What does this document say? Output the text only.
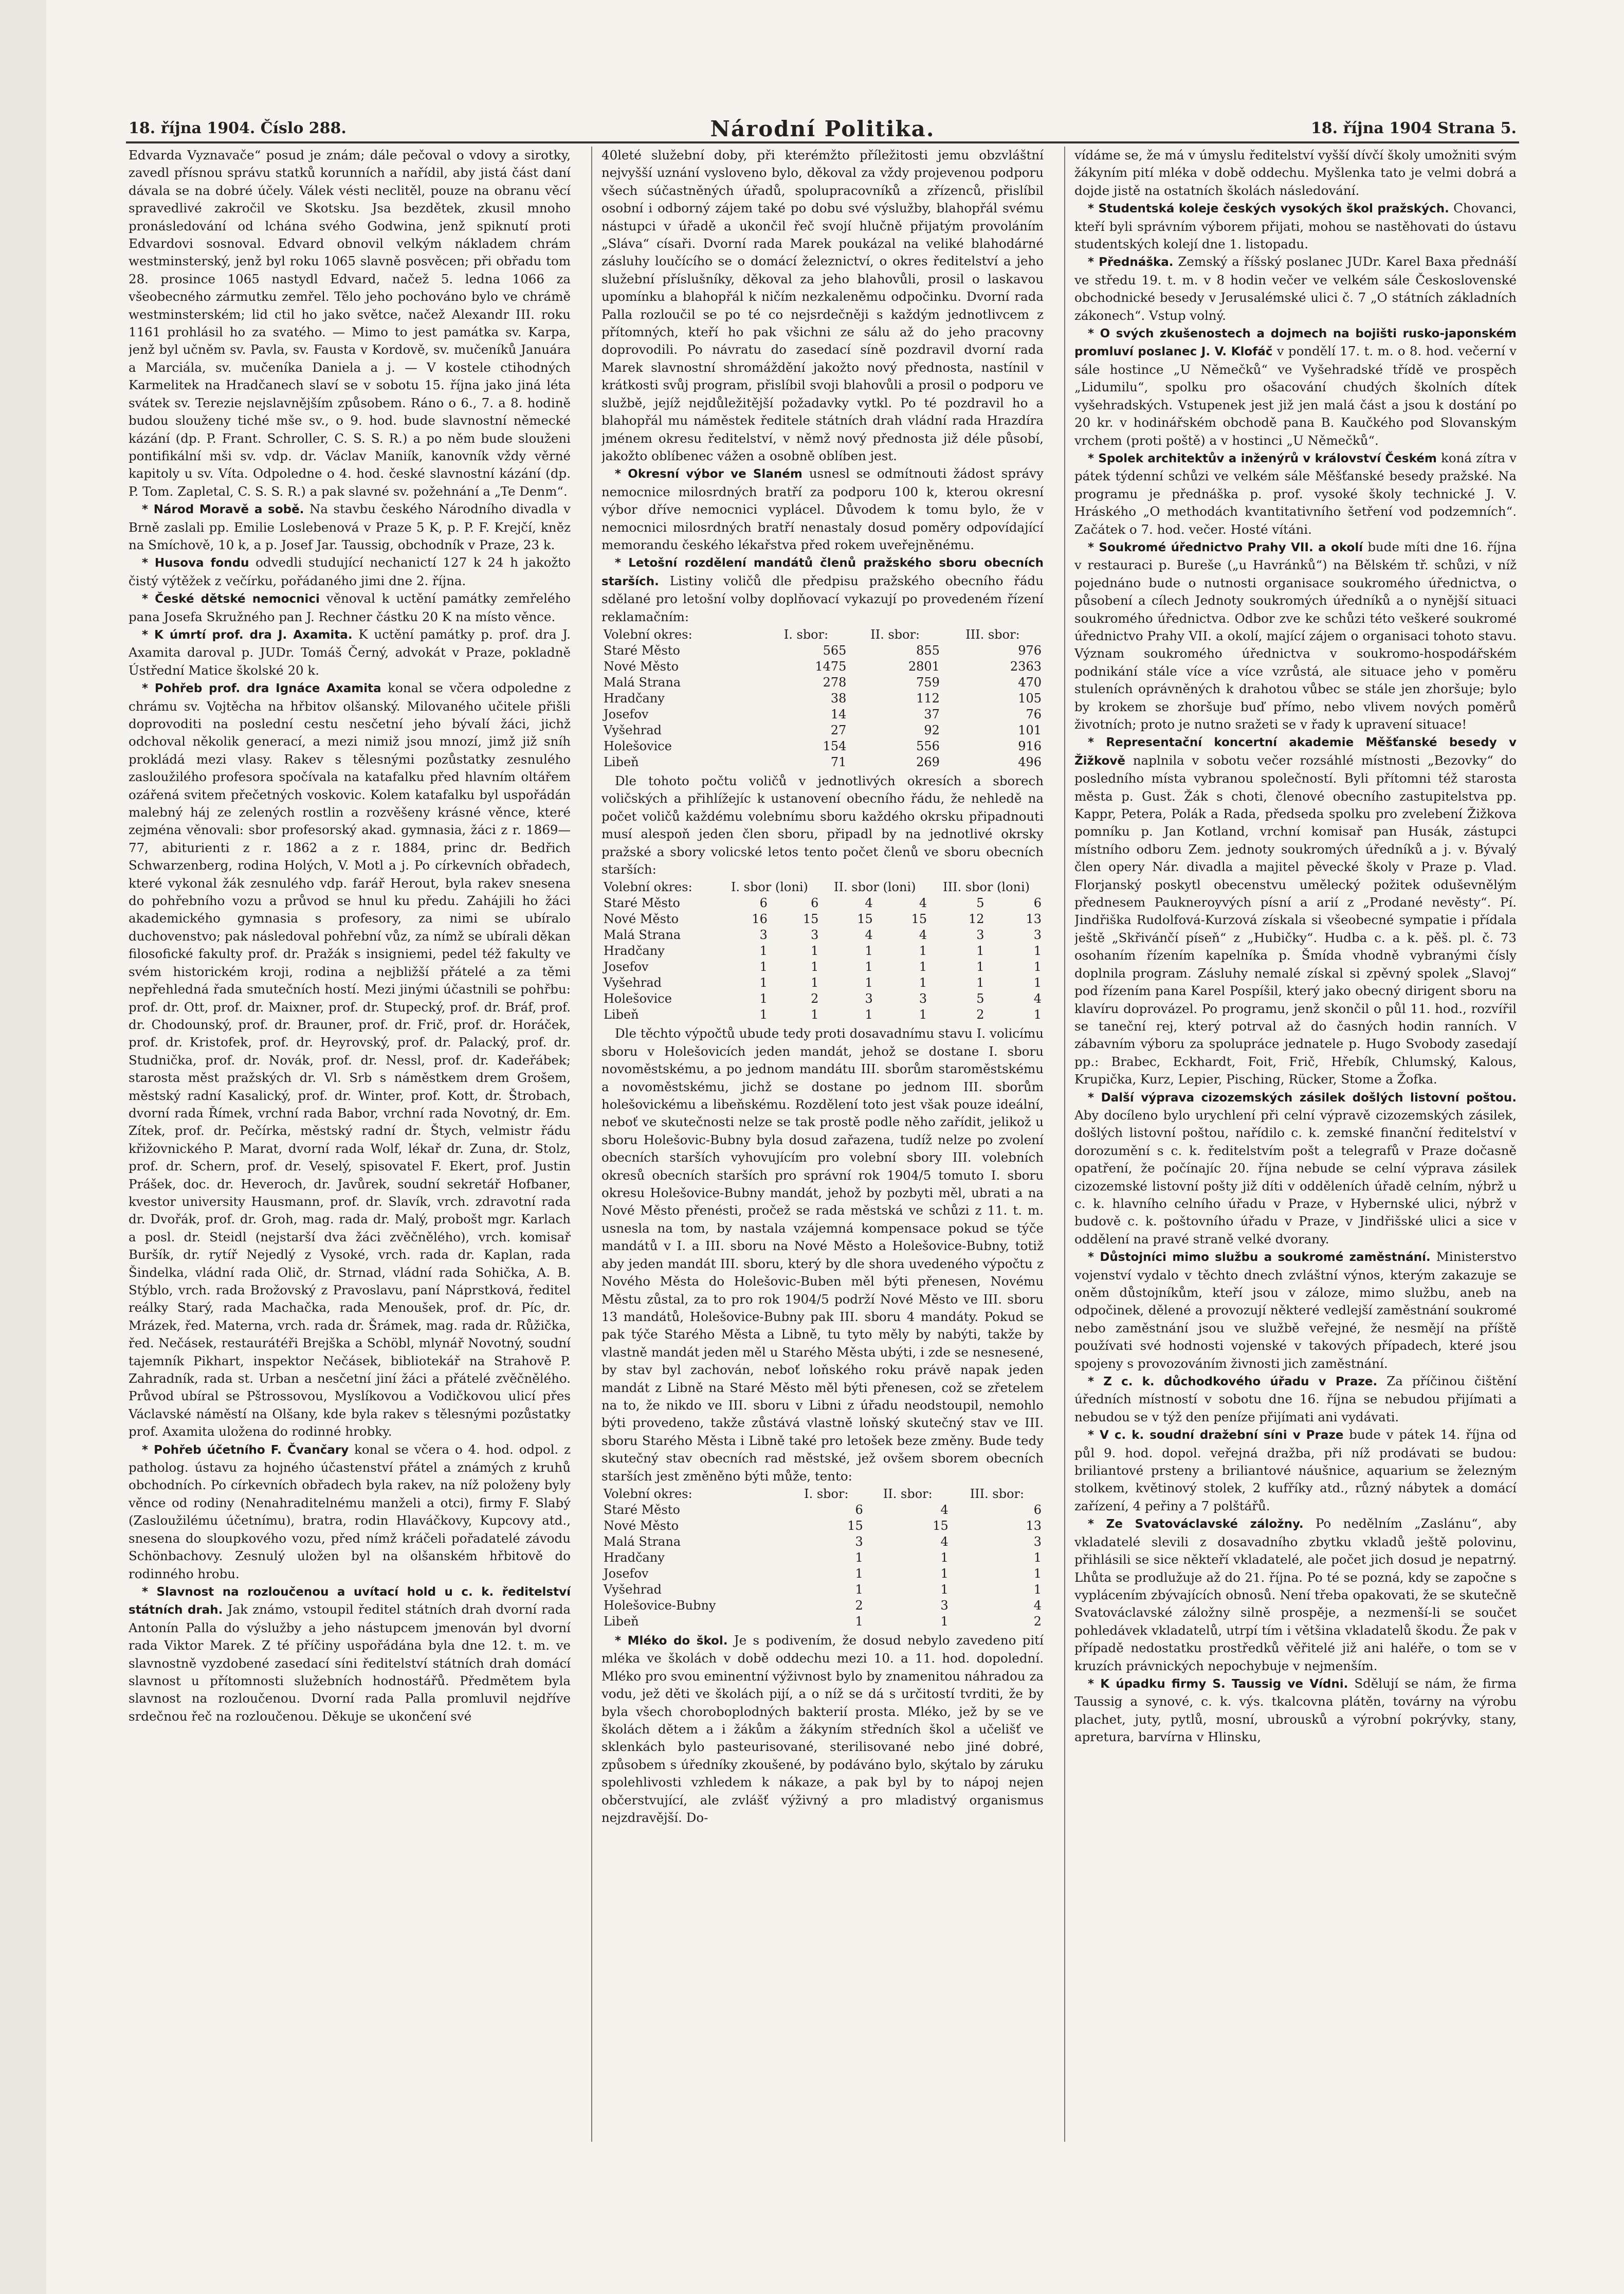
18. října 1904. Číslo 288.	Národní Politika.	18. října 1904 Strana 5.

Edvarda Vyznavače“ posud je znám; dále pečoval o vdovy a sirotky, zavedl přísnou správu statků korunních a nařídil, aby jistá část daní dávala se na dobré účely. Válek vésti neclitěl, pouze na obranu věcí spravedlivé zakročil ve Skotsku. Jsa bezdětek, zkusil mnoho pronásledování od lchána svého Godwina, jenž spiknutí proti Edvardovi sosnoval. Edvard obnovil velkým nákladem chrám westminsterský, jenž byl roku 1065 slavně posvěcen; při obřadu tom 28. prosince 1065 nastydl Edvard, načež 5. ledna 1066 za všeobecného zármutku zemřel. Tělo jeho pochováno bylo ve chrámě westminsterském; lid ctil ho jako světce, načež Alexandr III. roku 1161 prohlásil ho za svatého. — Mimo to jest památka sv. Karpa, jenž byl učněm sv. Pavla, sv. Fausta v Kordově, sv. mučeníků Januára a Marciála, sv. mučeníka Daniela a j. — V kostele ctihodných Karmelitek na Hradčanech slaví se v sobotu 15. října jako jiná léta svátek sv. Terezie nejslavnějším způsobem. Ráno o 6., 7. a 8. hodině budou slouženy tiché mše sv., o 9. hod. bude slavnostní německé kázání (dp. P. Frant. Schroller, C. S. S. R.) a po něm bude slouženi pontifikální mši sv. vdp. dr. Václav Maniík, kanovník vždy věrné kapitoly u sv. Víta. Odpoledne o 4. hod. české slavnostní kázání (dp. P. Tom. Zapletal, C. S. S. R.) a pak slavné sv. požehnání a „Te Denm“.

* Národ Moravě a sobě. Na stavbu českého Národního divadla v Brně zaslali pp. Emilie Loslebenová v Praze 5 K, p. P. F. Krejčí, kněz na Smíchově, 10 k, a p. Josef Jar. Taussig, obchodník v Praze, 23 k.

* Husova fondu odvedli studující nechanictí 127 k 24 h jakožto čistý výtěžek z večírku, pořádaného jimi dne 2. října.

* České dětské nemocnici věnoval k uctění památky zemřelého pana Josefa Skružného pan J. Rechner částku 20 K na místo věnce.

* K úmrtí prof. dra J. Axamita. K uctění památky p. prof. dra J. Axamita daroval p. JUDr. Tomáš Černý, advokát v Praze, pokladně Ústřední Matice školské 20 k.

* Pohřeb prof. dra Ignáce Axamita konal se včera odpoledne z chrámu sv. Vojtěcha na hřbitov olšanský. Milovaného učitele přišli doprovoditi na poslední cestu nesčetní jeho bývalí žáci, jichž odchoval několik generací, a mezi nimiž jsou mnozí, jimž již sníh prokládá mezi vlasy. Rakev s tělesnými pozůstatky zesnulého zasloužilého profesora spočívala na katafalku před hlavním oltářem ozářená svitem přečetných voskovic. Kolem katafalku byl uspořádán malebný háj ze zelených rostlin a rozvěšeny krásné věnce, které zejména věnovali: sbor profesorský akad. gymnasia, žáci z r. 1869—77, abiturienti z r. 1862 a z r. 1884, princ dr. Bedřich Schwarzenberg, rodina Holých, V. Motl a j. Po církevních obřadech, které vykonal žák zesnulého vdp. farář Herout, byla rakev snesena do pohřebního vozu a průvod se hnul ku předu. Zahájili ho žáci akademického gymnasia s profesory, za nimi se ubíralo duchovenstvo; pak následoval pohřební vůz, za nímž se ubírali děkan filosofické fakulty prof. dr. Pražák s insigniemi, pedel též fakulty ve svém historickém kroji, rodina a nejbližší přátelé a za těmi nepřehledná řada smutečních hostí. Mezi jinými účastnili se pohřbu: prof. dr. Ott, prof. dr. Maixner, prof. dr. Stupecký, prof. dr. Bráf, prof. dr. Chodounský, prof. dr. Brauner, prof. dr. Frič, prof. dr. Horáček, prof. dr. Kristofek, prof. dr. Heyrovský, prof. dr. Palacký, prof. dr. Studnička, prof. dr. Novák, prof. dr. Nessl, prof. dr. Kadeřábek; starosta měst pražských dr. Vl. Srb s náměstkem drem Grošem, městský radní Kasalický, prof. dr. Winter, prof. Kott, dr. Štrobach, dvorní rada Římek, vrchní rada Babor, vrchní rada Novotný, dr. Em. Zítek, prof. dr. Pečírka, městský radní dr. Štych, velmistr řádu křižovnického P. Marat, dvorní rada Wolf, lékař dr. Zuna, dr. Stolz, prof. dr. Schern, prof. dr. Veselý, spisovatel F. Ekert, prof. Justin Prášek, doc. dr. Heveroch, dr. Javůrek, soudní sekretář Hofbaner, kvestor university Hausmann, prof. dr. Slavík, vrch. zdravotní rada dr. Dvořák, prof. dr. Groh, mag. rada dr. Malý, probošt mgr. Karlach a posl. dr. Steidl (nejstarší dva žáci zvěčnělého), vrch. komisař Buršík, dr. rytíř Nejedlý z Vysoké, vrch. rada dr. Kaplan, rada Šindelka, vládní rada Olič, dr. Strnad, vládní rada Sohička, A. B. Stýblo, vrch. rada Brožovský z Pravoslavu, paní Náprstková, ředitel reálky Starý, rada Machačka, rada Menoušek, prof. dr. Píc, dr. Mrázek, řed. Materna, vrch. rada dr. Šrámek, mag. rada dr. Růžička, řed. Nečásek, restaurátéři Brejška a Schöbl, mlynář Novotný, soudní tajemník Pikhart, inspektor Nečásek, bibliotekář na Strahově P. Zahradník, rada st. Urban a nesčetní jiní žáci a přátelé zvěčnělého. Průvod ubíral se Pštrossovou, Myslíkovou a Vodičkovou ulicí přes Václavské náměstí na Olšany, kde byla rakev s tělesnými pozůstatky prof. Axamita uložena do rodinné hrobky.

* Pohřeb účetního F. Čvančary konal se včera o 4. hod. odpol. z patholog. ústavu za hojného účastenství přátel a známých z kruhů obchodních. Po církevních obřadech byla rakev, na níž položeny byly věnce od rodiny (Nenahraditelnému manželi a otci), firmy F. Slabý (Zasloužilému účetnímu), bratra, rodin Hlaváčkovy, Kupcovy atd., snesena do sloupkového vozu, před nímž kráčeli pořadatelé závodu Schönbachovy. Zesnulý uložen byl na olšanském hřbitově do rodinného hrobu.

* Slavnost na rozloučenou a uvítací hold u c. k. ředitelství státních drah. Jak známo, vstoupil ředitel státních drah dvorní rada Antonín Palla do výslužby a jeho nástupcem jmenován byl dvorní rada Viktor Marek. Z té příčiny uspořádána byla dne 12. t. m. ve slavnostně vyzdobené zasedací síni ředitelství státních drah domácí slavnost u přítomnosti služebních hodnostářů. Předmětem byla slavnost na rozloučenou. Dvorní rada Palla promluvil nejdříve srdečnou řeč na rozloučenou. Děkuje se ukončení své

40leté služební doby, při kterémžto příležitosti jemu obzvláštní nejvyšší uznání vysloveno bylo, děkoval za vždy projevenou podporu všech súčastněných úřadů, spolupracovníků a zřízenců, přislíbil osobní i odborný zájem také po dobu své výslužby, blahopřál svému nástupci v úřadě a ukončil řeč svojí hlučně přijatým provoláním „Sláva“ císaři. Dvorní rada Marek poukázal na veliké blahodárné zásluhy loučícího se o domácí železnictví, o okres ředitelství a jeho služební příslušníky, děkoval za jeho blahovůli, prosil o laskavou upomínku a blahopřál k ničím nezkaleněmu odpočinku. Dvorní rada Palla rozloučil se po té co nejsrdečněji s každým jednotlivcem z přítomných, kteří ho pak všichni ze sálu až do jeho pracovny doprovodili. Po návratu do zasedací síně pozdravil dvorní rada Marek slavnostní shromáždění jakožto nový přednosta, nastínil v krátkosti svůj program, přislíbil svoji blahovůli a prosil o podporu ve službě, jejíž nejdůležitější požadavky vytkl. Po té pozdravil ho a blahopřál mu náměstek ředitele státních drah vládní rada Hrazdíra jménem okresu ředitelství, v němž nový přednosta již déle působí, jakožto oblíbenec vážen a osobně oblíben jest.

* Okresní výbor ve Slaném usnesl se odmítnouti žádost správy nemocnice milosrdných bratří za podporu 100 k, kterou okresní výbor dříve nemocnici vyplácel. Důvodem k tomu bylo, že v nemocnici milosrdných bratří nenastaly dosud poměry odpovídající memorandu českého lékařstva před rokem uveřejněnému.

* Letošní rozdělení mandátů členů pražského sboru obecních starších. Listiny voličů dle předpisu pražského obecního řádu sdělané pro letošní volby doplňovací vykazují po provedeném řízení reklamačním:

Volební okres:	I. sbor:	II. sbor:	III. sbor:
Staré Město	565	855	976
Nové Město	1475	2801	2363
Malá Strana	278	759	470
Hradčany	38	112	105
Josefov	14	37	76
Vyšehrad	27	92	101
Holešovice	154	556	916
Libeň	71	269	496

Dle tohoto počtu voličů v jednotlivých okresích a sborech voličských a přihlížejíc k ustanovení obecního řádu, že nehledě na počet voličů každému volebnímu sboru každého okrsku připadnouti musí alespoň jeden člen sboru, připadl by na jednotlivé okrsky pražské a sbory volicské letos tento počet členů ve sboru obecních starších:

Volební okres:	I. sbor (loni)		II. sbor (loni)		III. sbor (loni)	
Staré Město	6	6	4	4	5	6
Nové Město	16	15	15	15	12	13
Malá Strana	3	3	4	4	3	3
Hradčany	1	1	1	1	1	1
Josefov	1	1	1	1	1	1
Vyšehrad	1	1	1	1	1	1
Holešovice	1	2	3	3	5	4
Libeň	1	1	1	1	2	1

Dle těchto výpočtů ubude tedy proti dosavadnímu stavu I. volicímu sboru v Holešovicích jeden mandát, jehož se dostane I. sboru novoměstskému, a po jednom mandátu III. sborům staroměstskému a novoměstskému, jichž se dostane po jednom III. sborům holešovickému a libeňskému. Rozdělení toto jest však pouze ideální, neboť ve skutečnosti nelze se tak prostě podle něho zařídit, jelikož u sboru Holešovic-Bubny byla dosud zařazena, tudíž nelze po zvolení obecních starších vyhovujícím pro volební sbory III. volebních okresů obecních starších pro správní rok 1904/5 tomuto I. sboru okresu Holešovice-Bubny mandát, jehož by pozbyti měl, ubrati a na Nové Město přenésti, pročež se rada městská ve schůzi z 11. t. m. usnesla na tom, by nastala vzájemná kompensace pokud se týče mandátů v I. a III. sboru na Nové Město a Holešovice-Bubny, totiž aby jeden mandát III. sboru, který by dle shora uvedeného výpočtu z Nového Města do Holešovic-Buben měl býti přenesen, Novému Městu zůstal, za to pro rok 1904/5 podrží Nové Město ve III. sboru 13 mandátů, Holešovice-Bubny pak III. sboru 4 mandáty. Pokud se pak týče Starého Města a Libně, tu tyto měly by nabýti, takže by vlastně mandát jeden měl u Starého Města ubýti, i zde se nesnesené, by stav byl zachován, neboť loňského roku právě napak jeden mandát z Libně na Staré Město měl býti přenesen, což se zřetelem na to, že nikdo ve III. sboru v Libni z úřadu neodstoupil, nemohlo býti provedeno, takže zůstává vlastně loňský skutečný stav ve III. sboru Starého Města i Libně také pro letošek beze změny. Bude tedy skutečný stav obecních rad městské, jež ovšem sborem obecních starších jest změněno býti může, tento:

Volební okres:	I. sbor:	II. sbor:	III. sbor:
Staré Město	6	4	6
Nové Město	15	15	13
Malá Strana	3	4	3
Hradčany	1	1	1
Josefov	1	1	1
Vyšehrad	1	1	1
Holešovice-Bubny	2	3	4
Libeň	1	1	2

* Mléko do škol. Je s podivením, že dosud nebylo zavedeno pití mléka ve školách v době oddechu mezi 10. a 11. hod. dopolední. Mléko pro svou eminentní výživnost bylo by znamenitou náhradou za vodu, jež děti ve školách pijí, a o níž se dá s určitostí tvrditi, že by byla všech choroboplodných bakterií prosta. Mléko, jež by se ve školách dětem a i žákům a žákyním středních škol a učelišť ve sklenkách bylo pasteurisované, sterilisované nebo jiné dobré, způsobem s úředníky zkoušené, by podáváno bylo, skýtalo by záruku spolehlivosti vzhledem k nákaze, a pak byl by to nápoj nejen občerstvující, ale zvlášť výživný a pro mladistvý organismus nejzdravější. Do-

vídáme se, že má v úmyslu ředitelství vyšší dívčí školy umožniti svým žákyním pití mléka v době oddechu. Myšlenka tato je velmi dobrá a dojde jistě na ostatních školách následování.

* Studentská koleje českých vysokých škol pražských. Chovanci, kteří byli správním výborem přijati, mohou se nastěhovati do ústavu studentských kolejí dne 1. listopadu.

* Přednáška. Zemský a říšský poslanec JUDr. Karel Baxa přednáší ve středu 19. t. m. v 8 hodin večer ve velkém sále Československé obchodnické besedy v Jerusalémské ulici č. 7 „O státních základních zákonech“. Vstup volný.

* O svých zkušenostech a dojmech na bojišti rusko-japonském promluví poslanec J. V. Klofáč v pondělí 17. t. m. o 8. hod. večerní v sále hostince „U Němečků“ ve Vyšehradské třídě ve prospěch „Lidumilu“, spolku pro ošacování chudých školních dítek vyšehradských. Vstupenek jest již jen malá část a jsou k dostání po 20 kr. v hodinářském obchodě pana B. Kaučkého pod Slovanským vrchem (proti poště) a v hostinci „U Němečků“.

* Spolek architektův a inženýrů v království Českém koná zítra v pátek týdenní schůzi ve velkém sále Měšťanské besedy pražské. Na programu je přednáška p. prof. vysoké školy technické J. V. Hráského „O methodách kvantitativního šetření vod podzemních“. Začátek o 7. hod. večer. Hosté vítáni.

* Soukromé úřednictvo Prahy VII. a okolí bude míti dne 16. října v restauraci p. Bureše („u Havránků“) na Bělském tř. schůzi, v níž pojednáno bude o nutnosti organisace soukromého úřednictva, o působení a cílech Jednoty soukromých úředníků a o nynější situaci soukromého úřednictva. Odbor zve ke schůzi této veškeré soukromé úřednictvo Prahy VII. a okolí, mající zájem o organisaci tohoto stavu. Význam soukromého úřednictva v soukromo-hospodářském podnikání stále více a více vzrůstá, ale situace jeho v poměru stuleních oprávněných k drahotou vůbec se stále jen zhoršuje; bylo by krokem se zhoršuje buď přímo, nebo vlivem nových poměrů životních; proto je nutno sražeti se v řady k upravení situace!

* Representační koncertní akademie Měšťanské besedy v Žižkově naplnila v sobotu večer rozsáhlé místnosti „Bezovky“ do posledního místa vybranou společností. Byli přítomni též starosta města p. Gust. Žák s choti, členové obecního zastupitelstva pp. Kappr, Petera, Polák a Rada, předseda spolku pro zvelebení Žižkova pomníku p. Jan Kotland, vrchní komisař pan Husák, zástupci místního odboru Zem. jednoty soukromých úředníků a j. v. Bývalý člen opery Nár. divadla a majitel pěvecké školy v Praze p. Vlad. Florjanský poskytl obecenstvu umělecký požitek oduševnělým přednesem Paukneroyvých písní a arií z „Prodané nevěsty“. Pí. Jindřiška Rudolfová-Kurzová získala si všeobecné sympatie i přídala ještě „Skřivánčí píseň“ z „Hubičky“. Hudba c. a k. pěš. pl. č. 73 osohaním řízením kapelníka p. Šmída vhodně vybranými čísly doplnila program. Zásluhy nemalé získal si zpěvný spolek „Slavoj“ pod řízením pana Karel Pospíšil, který jako obecný dirigent sboru na klavíru doprovázel. Po programu, jenž skončil o půl 11. hod., rozvířil se taneční rej, který potrval až do časných hodin ranních. V zábavním výboru za spolupráce jednatele p. Hugo Svobody zasedají pp.: Brabec, Eckhardt, Foit, Frič, Hřebík, Chlumský, Kalous, Krupička, Kurz, Lepier, Pisching, Rücker, Stome a Žofka.

* Další výprava cizozemských zásilek došlých listovní poštou. Aby docíleno bylo urychlení při celní výpravě cizozemských zásilek, došlých listovní poštou, nařídilo c. k. zemské finanční ředitelství v dorozumění s c. k. ředitelstvím pošt a telegrafů v Praze dočasně opatření, že počínajíc 20. října nebude se celní výprava zásilek cizozemské listovní pošty již díti v odděleních úřadě celním, nýbrž u c. k. hlavního celního úřadu v Praze, v Hybernské ulici, nýbrž v budově c. k. poštovního úřadu v Praze, v Jindřišské ulici a sice v oddělení na pravé straně velké dvorany.

* Důstojníci mimo službu a soukromé zaměstnání. Ministerstvo vojenství vydalo v těchto dnech zvláštní výnos, kterým zakazuje se oněm důstojníkům, kteří jsou v záloze, mimo službu, aneb na odpočinek, dělené a provozují některé vedlejší zaměstnání soukromé nebo zaměstnání jsou ve službě veřejné, že nesmějí na příště používati své hodnosti vojenské v takových případech, které jsou spojeny s provozováním živnosti jich zaměstnání.

* Z c. k. důchodkového úřadu v Praze. Za příčinou čištění úředních místností v sobotu dne 16. října se nebudou přijímati a nebudou se v týž den peníze přijímati ani vydávati.

* V c. k. soudní dražební síni v Praze bude v pátek 14. října od půl 9. hod. dopol. veřejná dražba, při níž prodávati se budou: briliantové prsteny a briliantové náušnice, aquarium se železným stolkem, květinový stolek, 2 kufříky atd., různý nábytek a domácí zařízení, 4 peřiny a 7 polštářů.

* Ze Svatováclavské záložny. Po nedělním „Zaslánu“, aby vkladatelé slevili z dosavadního zbytku vkladů ještě polovinu, přihlásili se sice někteří vkladatelé, ale počet jich dosud je nepatrný. Lhůta se prodlužuje až do 21. října. Po té se pozná, kdy se započne s vyplácením zbývajících obnosů. Není třeba opakovati, že se skutečně Svatováclavské záložny silně prospěje, a nezmenší-li se součet pohledávek vkladatelů, utrpí tím i většina vkladatelů škodu. Že pak v případě nedostatku prostředků věřitelé již ani haléře, o tom se v kruzích právnických nepochybuje v nejmenším.

* K úpadku firmy S. Taussig ve Vídni. Sdělují se nám, že firma Taussig a synové, c. k. výs. tkalcovna plátěn, továrny na výrobu plachet, juty, pytlů, mosní, ubrousků a výrobní pokrývky, stany, apretura, barvírna v Hlinsku,
